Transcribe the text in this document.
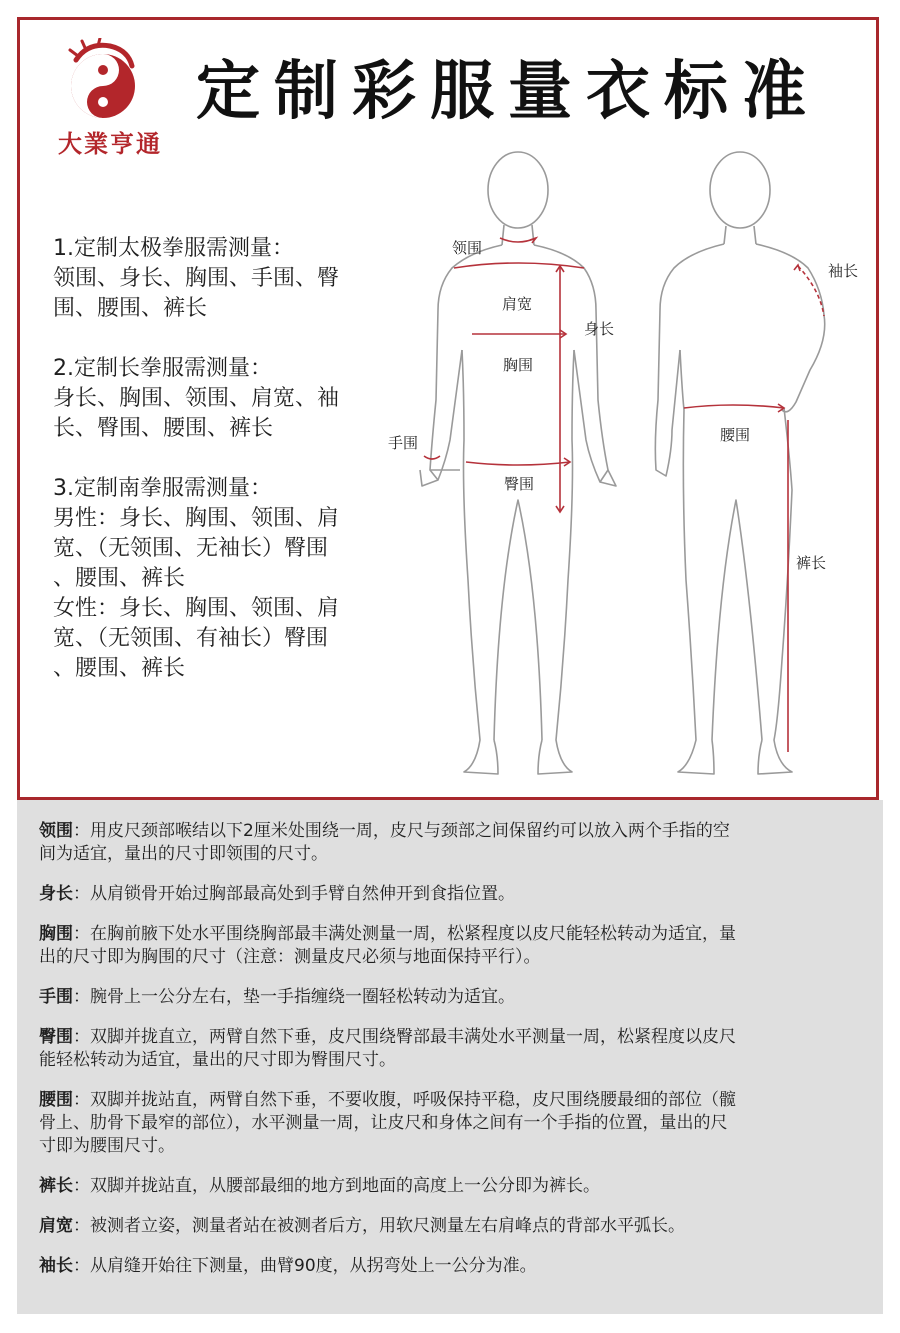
大業亨通
定制彩服量衣标准
1.定制太极拳服需测量：
领围、身长、胸围、手围、臀
围、腰围、裤长
2.定制长拳服需测量：
身长、胸围、领围、肩宽、袖
长、臀围、腰围、裤长
3.定制南拳服需测量：
男性：身长、胸围、领围、肩
宽、（无领围、无袖长）臀围
、腰围、裤长
女性：身长、胸围、领围、肩
宽、（无领围、有袖长）臀围
、腰围、裤长
领围
肩宽
身长
胸围
手围
臀围
袖长
腰围
裤长
领围：用皮尺颈部喉结以下2厘米处围绕一周，皮尺与颈部之间保留约可以放入两个手指的空
间为适宜，量出的尺寸即领围的尺寸。
身长：从肩锁骨开始过胸部最高处到手臂自然伸开到食指位置。
胸围：在胸前腋下处水平围绕胸部最丰满处测量一周，松紧程度以皮尺能轻松转动为适宜，量
出的尺寸即为胸围的尺寸（注意：测量皮尺必须与地面保持平行）。
手围：腕骨上一公分左右，垫一手指缠绕一圈轻松转动为适宜。
臀围：双脚并拢直立，两臂自然下垂，皮尺围绕臀部最丰满处水平测量一周，松紧程度以皮尺
能轻松转动为适宜，量出的尺寸即为臀围尺寸。
腰围：双脚并拢站直，两臂自然下垂，不要收腹，呼吸保持平稳，皮尺围绕腰最细的部位（髋
骨上、肋骨下最窄的部位），水平测量一周，让皮尺和身体之间有一个手指的位置，量出的尺
寸即为腰围尺寸。
裤长：双脚并拢站直，从腰部最细的地方到地面的高度上一公分即为裤长。
肩宽：被测者立姿，测量者站在被测者后方，用软尺测量左右肩峰点的背部水平弧长。
袖长：从肩缝开始往下测量，曲臂90度，从拐弯处上一公分为准。
